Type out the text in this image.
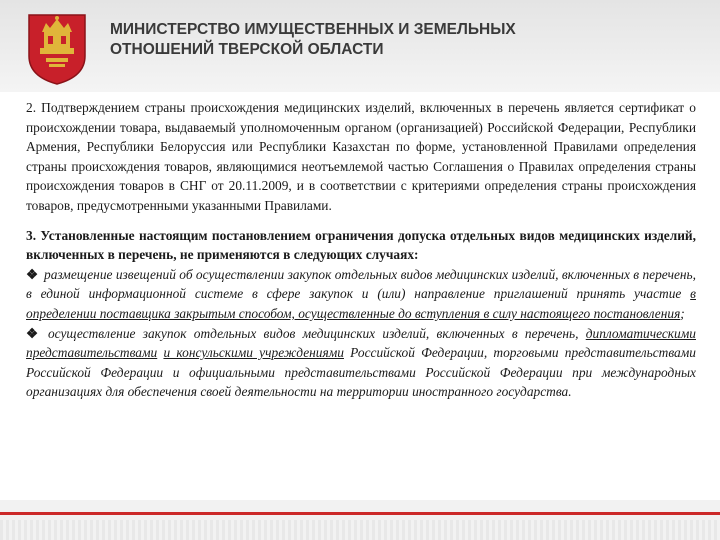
МИНИСТЕРСТВО ИМУЩЕСТВЕННЫХ И ЗЕМЕЛЬНЫХ
ОТНОШЕНИЙ ТВЕРСКОЙ ОБЛАСТИ

2. Подтверждением страны происхождения медицинских изделий, включенных в перечень является сертификат о происхождении товара, выдаваемый уполномоченным органом (организацией) Российской Федерации, Республики Армения, Республики Белоруссия или Республики Казахстан по форме, установленной Правилами определения страны происхождения товаров, являющимися неотъемлемой частью Соглашения о Правилах определения страны происхождения товаров в СНГ от 20.11.2009, и в соответствии с критериями определения страны происхождения товаров, предусмотренными указанными Правилами.

3. Установленные настоящим постановлением ограничения допуска отдельных видов медицинских изделий, включенных в перечень, не применяются в следующих случаях:

❖ размещение извещений об осуществлении закупок отдельных видов медицинских изделий, включенных в перечень, в единой информационной системе в сфере закупок и (или) направление приглашений принять участие в определении поставщика закрытым способом, осуществленные до вступления в силу настоящего постановления;

❖ осуществление закупок отдельных видов медицинских изделий, включенных в перечень, дипломатическими представительствами и консульскими учреждениями Российской Федерации, торговыми представительствами Российской Федерации и официальными представительствами Российской Федерации при международных организациях для обеспечения своей деятельности на территории иностранного государства.
